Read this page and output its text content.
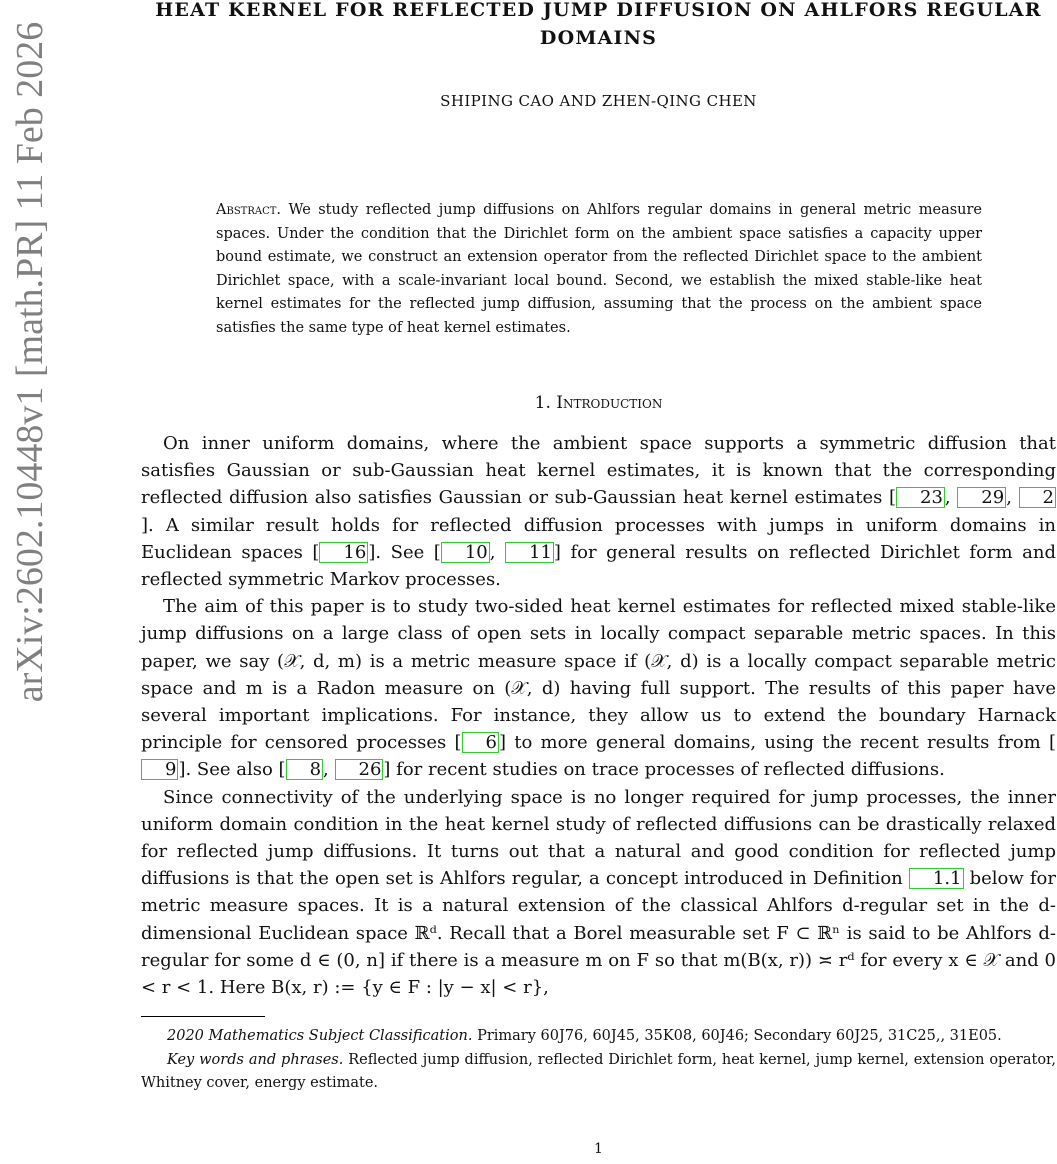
HEAT KERNEL FOR REFLECTED JUMP DIFFUSION ON AHLFORS REGULAR DOMAINS
SHIPING CAO AND ZHEN-QING CHEN
arXiv:2602.10448v1 [math.PR] 11 Feb 2026	Abstract. We study reflected jump diffusions on Ahlfors regular domains in general metric measure spaces. Under the condition that the Dirichlet form on the ambient space satisfies a capacity upper bound estimate, we construct an extension operator from the reflected Dirichlet space to the ambient Dirichlet space, with a scale-invariant local bound. Second, we establish the mixed stable-like heat kernel estimates for the reflected jump diffusion, assuming that the process on the ambient space satisfies the same type of heat kernel estimates.
1. Introduction

On inner uniform domains, where the ambient space supports a symmetric diffusion that satisfies Gaussian or sub-Gaussian heat kernel estimates, it is known that the corresponding reflected diffusion also satisfies Gaussian or sub-Gaussian heat kernel estimates [ 23 , 29 , 2]. A similar result holds for reflected diffusion processes with jumps in uniform domains in Euclidean spaces [ 16 ]. See [ 10 , 11 ] for general results on reflected Dirichlet form and reflected symmetric Markov processes.

The aim of this paper is to study two-sided heat kernel estimates for reflected mixed stable-like jump diffusions on a large class of open sets in locally compact separable metric spaces. In this paper, we say (𝒳, d, m) is a metric measure space if (𝒳, d) is a locally compact separable metric space and m is a Radon measure on (𝒳, d) having full support. The results of this paper have several important implications. For instance, they allow us to extend the boundary Harnack principle for censored processes [ 6 ] to more general domains, using the recent results from [9 ]. See also [ 8 , 26 ] for recent studies on trace processes of reflected diffusions.

Since connectivity of the underlying space is no longer required for jump processes, the inner uniform domain condition in the heat kernel study of reflected diffusions can be drastically relaxed for reflected jump diffusions. It turns out that a natural and good condition for reflected jump diffusions is that the open set is Ahlfors regular, a concept introduced in Definition 1.1 below for metric measure spaces. It is a natural extension of the classical Ahlfors d-regular set in the d-dimensional Euclidean space ℝᵈ. Recall that a Borel measurable set F ⊂ ℝⁿ is said to be Ahlfors d-regular for some d ∈ (0, n] if there is a measure m on F so that m(B(x, r)) ≍ rᵈ for every x ∈ 𝒳 and 0 < r < 1. Here B(x, r) := {y ∈ F : |y − x| < r},

2020 Mathematics Subject Classification. Primary 60J76, 60J45, 35K08, 60J46; Secondary 60J25, 31C25,, 31E05.

Key words and phrases. Reflected jump diffusion, reflected Dirichlet form, heat kernel, jump kernel, extension operator, Whitney cover, energy estimate.

1
